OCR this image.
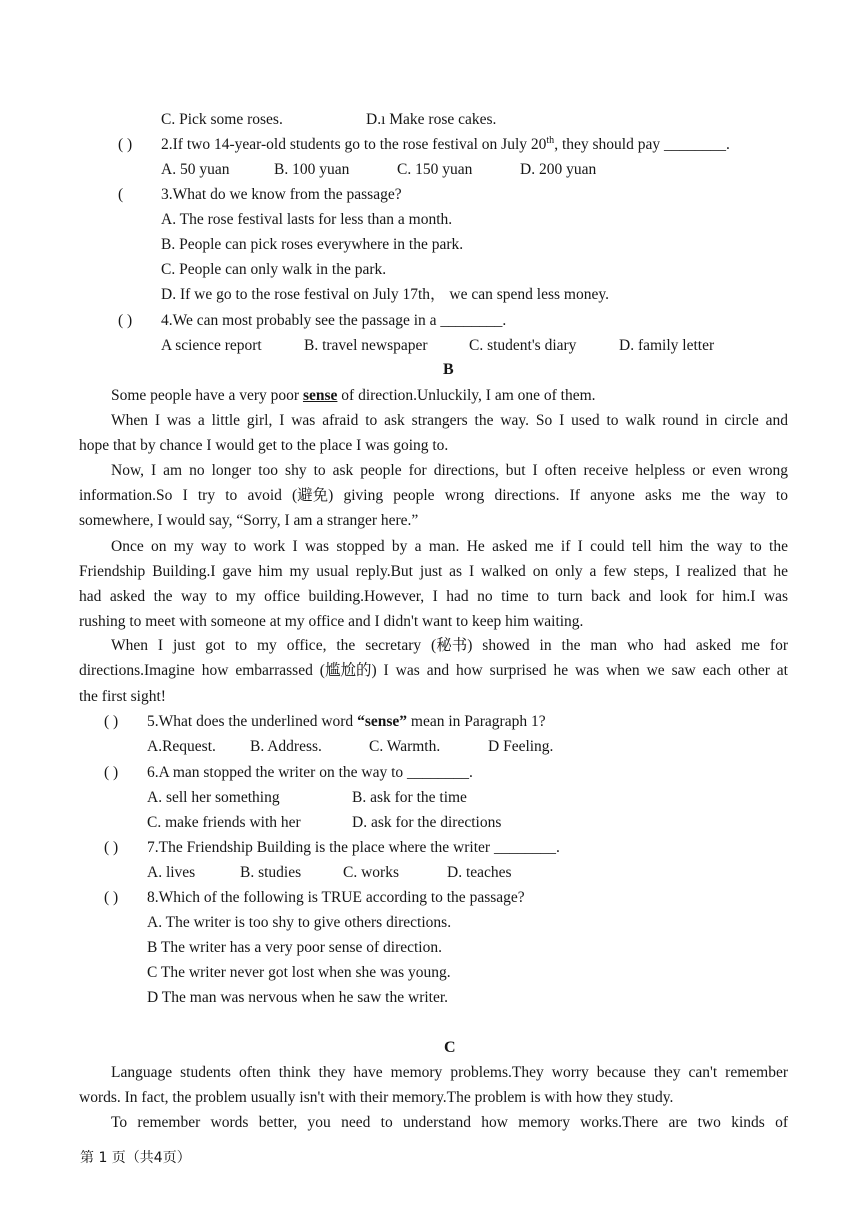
C. Pick some roses.	D.ı Make rose cakes.
( ) 2.If two 14-year-old students go to the rose festival on July 20th, they should pay ________.
A. 50 yuan	B. 100 yuan	C. 150 yuan	D. 200 yuan
( 3.What do we know from the passage?
A. The rose festival lasts for less than a month.
B. People can pick roses everywhere in the park.
C. People can only walk in the park.
D. If we go to the rose festival on July 17th， we can spend less money.
( ) 4.We can most probably see the passage in a ________.
A science report	B. travel newspaper	C. student's diary	D. family letter
B
Some people have a very poor sense of direction.Unluckily, I am one of them.
When I was a little girl, I was afraid to ask strangers the way. So I used to walk round in circle and
hope that by chance I would get to the place I was going to.
Now, I am no longer too shy to ask people for directions, but I often receive helpless or even wrong
information.So I try to avoid (避免) giving people wrong directions. If anyone asks me the way to
somewhere, I would say, “Sorry, I am a stranger here.”
Once on my way to work I was stopped by a man. He asked me if I could tell him the way to the
Friendship Building.I gave him my usual reply.But just as I walked on only a few steps, I realized that he
had asked the way to my office building.However, I had no time to turn back and look for him.I was
rushing to meet with someone at my office and I didn't want to keep him waiting.
When I just got to my office, the secretary (秘书) showed in the man who had asked me for
directions.Imagine how embarrassed (尴尬的) I was and how surprised he was when we saw each other at
the first sight!
( ) 5.What does the underlined word “sense” mean in Paragraph 1?
A.Request. B. Address.	C. Warmth.	D Feeling.
( ) 6.A man stopped the writer on the way to ________.
A. sell her something	B. ask for the time
C. make friends with her	D. ask for the directions
( ) 7.The Friendship Building is the place where the writer ________.
A. lives	B. studies	C. works	D. teaches
( ) 8.Which of the following is TRUE according to the passage?
A. The writer is too shy to give others directions.
B The writer has a very poor sense of direction.
C The writer never got lost when she was young.
D The man was nervous when he saw the writer.
C
Language students often think they have memory problems.They worry because they can't remember
words. In fact, the problem usually isn't with their memory.The problem is with how they study.
To remember words better, you need to understand how memory works.There are two kinds of
第 1 页（共4页）
